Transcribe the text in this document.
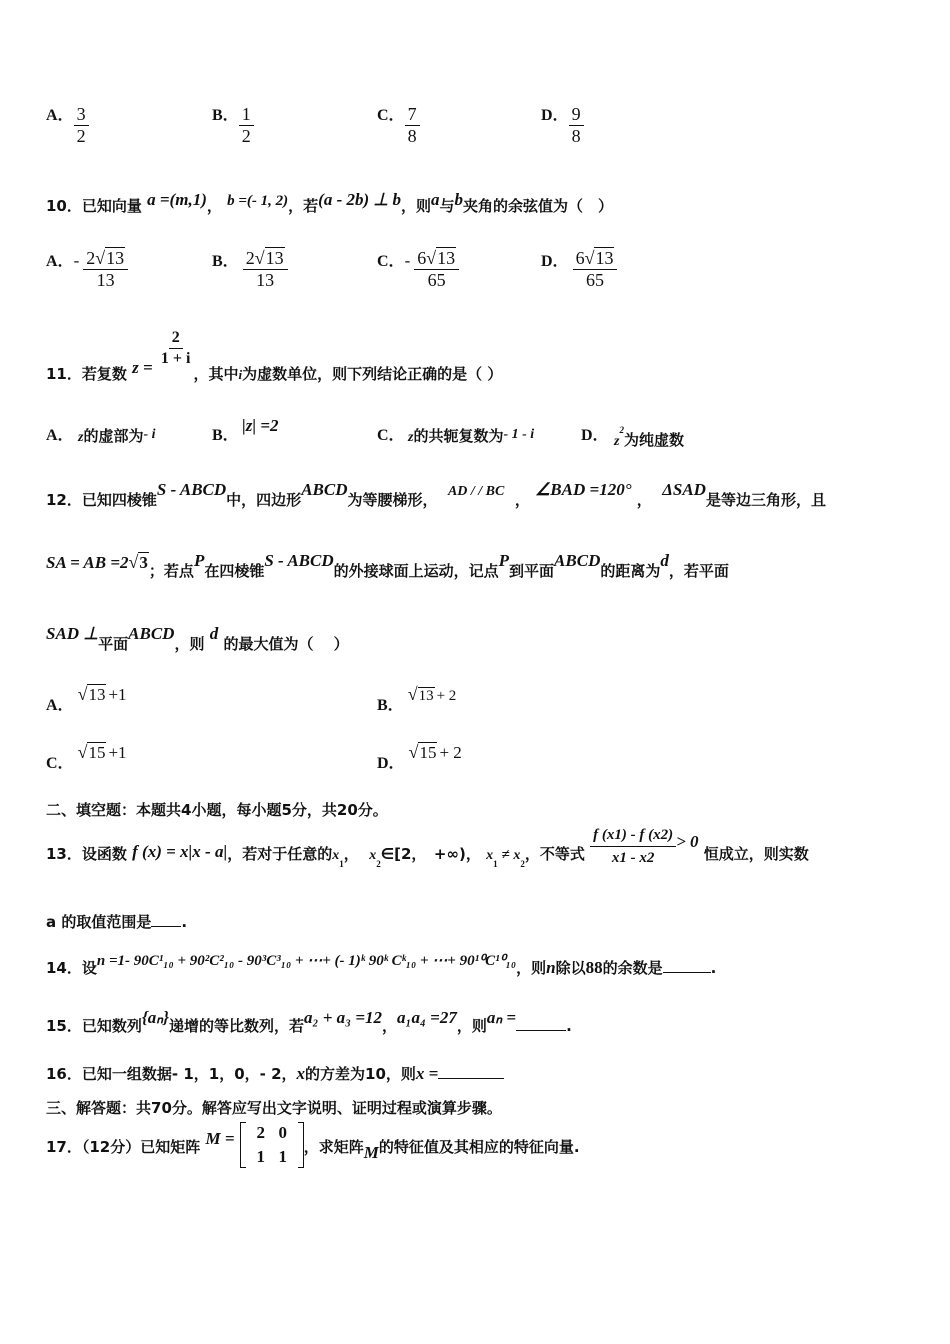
A． $\frac{3}{2}$	B． $\frac{1}{2}$	C． $\frac{7}{8}$	D． $\frac{9}{8}$
10．已知向量 a =(m,1)， b =(- 1, 2)，若(a - 2b) ⊥ b，则a与b夹角的余弦值为（　）
A．- $\frac{2√13}{13}$	B． $\frac{2√13}{13}$	C．- $\frac{6√13}{65}$	D． $\frac{6√13}{65}$
11．若复数 $z = \frac{2}{1 + i}$
，其中i为虚数单位，则下列结论正确的是（ ）
A． z的虚部为- i	B．
|z| =2
C． z的共轭复数为- 1 - i	D． $z^2$为纯虚数
12．已知四棱锥S - ABCD中，四边形ABCD为等腰梯形， AD / / BC ， ∠BAD =120° ，  ΔSAD是等边三角形，且
SA = AB =2√3；若点P在四棱锥S - ABCD的外接球面上运动，记点P到平面ABCD的距离为d，若平面
SAD ⊥平面ABCD，则 d 的最大值为（　 ）
A．√13 +1
B．√13 + 2
C．√15 +1
D．√15 + 2
二、填空题：本题共4小题，每小题5分，共20分。
13．设函数 f (x) = x|x - a|，若对于任意的$x_1$， $x_2\in[2$，　+∞)， $x_1 \ne x_2$，不等式 $\frac{f (x1) - f (x2)}{x1 - x2} > 0$ 恒成立，则实数
a 的取值范围是 .
14．设n =1- 90C¹₁₀ + 90²C²₁₀ - 90³C³₁₀ + ⋯+ (- 1)ᵏ 90ᵏ Cᵏ₁₀ + ⋯+ 90¹⁰C¹⁰₁₀，则n除以88的余数是	.
15．已知数列{aₙ}递增的等比数列，若a₂ + a₃ =12，a₁a₄ =27，则aₙ =	.
16．已知一组数据- 1，1，0，- 2，x的方差为10，则x =
三、解答题：共70分。解答应写出文字说明、证明过程或演算步骤。
17．（12分）已知矩阵 M =	2 0
1 1
，求矩阵M的特征值及其相应的特征向量.
